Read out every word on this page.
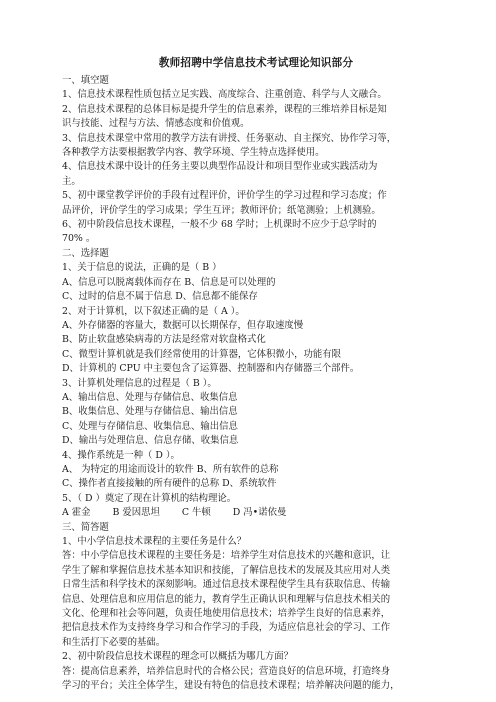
教师招聘中学信息技术考试理论知识部分
一、填空题
1、信息技术课程性质包括立足实践、高度综合、注重创造、科学与人文融合。
2、信息技术课程的总体目标是提升学生的信息素养，课程的三维培养目标是知
识与技能、过程与方法、情感态度和价值观。
3、信息技术课堂中常用的教学方法有讲授、任务驱动、自主探究、协作学习等，
各种教学方法要根据教学内容、教学环境、学生特点选择使用。
4、信息技术课中设计的任务主要以典型作品设计和项目型作业或实践活动为
主。
5、初中课堂教学评价的手段有过程评价，评价学生的学习过程和学习态度；作
品评价，评价学生的学习成果；学生互评；教师评价；纸笔测验；上机测验。
6、初中阶段信息技术课程，一般不少 68 学时；上机课时不应少于总学时的
70% 。
二、选择题
1、关于信息的说法，正确的是（ B ）
A、信息可以脱离载体而存在 B、信息是可以处理的
C、过时的信息不属于信息 D、信息都不能保存
2、对于计算机，以下叙述正确的是（ A ）。
A、外存储器的容量大，数据可以长期保存，但存取速度慢
B、防止软盘感染病毒的方法是经常对软盘格式化
C、微型计算机就是我们经常使用的计算器，它体积微小，功能有限
D、计算机的 CPU 中主要包含了运算器、控制器和内存储器三个部件。
3、计算机处理信息的过程是（ B ）。
A、输出信息、处理与存储信息、收集信息
B、收集信息、处理与存储信息、输出信息
C、处理与存储信息、收集信息、输出信息
D、输出与处理信息、信息存储、收集信息
4、操作系统是一种（ D ）。
A、 为特定的用途而设计的软件 B、所有软件的总称
C、操作者直接接触的所有硬件的总称 D、系统软件
5、（ D ）奠定了现在计算机的结构理论。
A 霍金 B 爱因思坦 C 牛顿 D 冯•诺依曼
三、简答题
1、中小学信息技术课程的主要任务是什么？
答：中小学信息技术课程的主要任务是：培养学生对信息技术的兴趣和意识，让
学生了解和掌握信息技术基本知识和技能，了解信息技术的发展及其应用对人类
日常生活和科学技术的深刻影响。通过信息技术课程使学生具有获取信息、传输
信息、处理信息和应用信息的能力，教育学生正确认识和理解与信息技术相关的
文化、伦理和社会等问题，负责任地使用信息技术；培养学生良好的信息素养，
把信息技术作为支持终身学习和合作学习的手段，为适应信息社会的学习、工作
和生活打下必要的基础。
2、初中阶段信息技术课程的理念可以概括为哪几方面？
答：提高信息素养，培养信息时代的合格公民；营造良好的信息环境，打造终身
学习的平台；关注全体学生，建设有特色的信息技术课程；培养解决问题的能力，
